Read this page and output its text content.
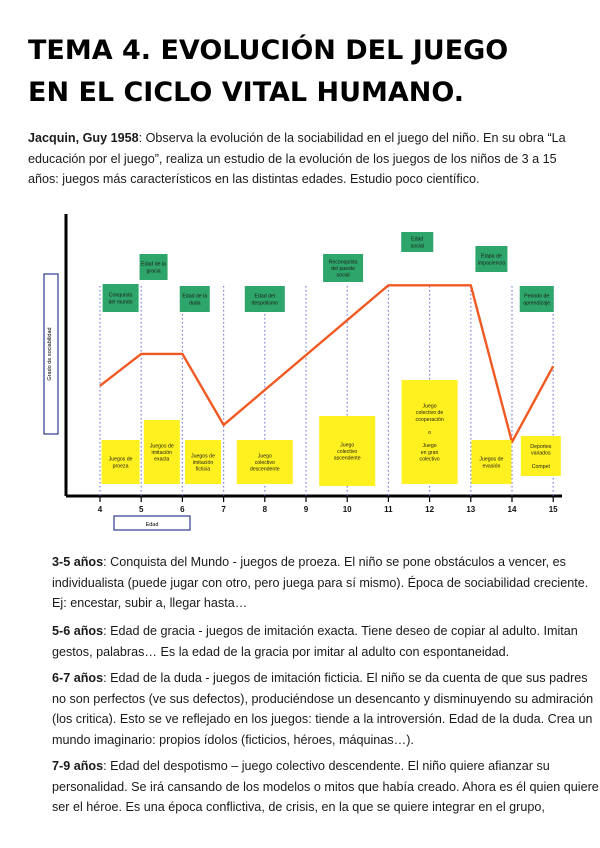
TEMA 4. EVOLUCIÓN DEL JUEGO
EN EL CICLO VITAL HUMANO.

Jacquin, Guy 1958: Observa la evolución de la sociabilidad en el juego del niño. En su obra “La educación por el juego”, realiza un estudio de la evolución de los juegos de los niños de 3 a 15 años: juegos más característicos en las distintas edades. Estudio poco científico.

Grado de sociabilidad
Edad
4	5	6	7	8	9	10	11	12	13	14	15
Conquista
del mundo
Edad de la
gracia
Edad de la
duda
Edad del
despotismo
Reconquista
del puesto
social
Edad
social
Etapa de
impaciencia
Periodo de
aprendizaje
Juegos de
proeza
Juegos de
imitación
exacta
Juegos de
imitación
ficticia
Juego
colectivo
descendente
Juego
colectivo
ascendente
Juego
colectivo de
cooperación
o
Juego
en gran
colectivo	Juegos de
evasión
Deportes
variados
Compet

3-5 años: Conquista del Mundo - juegos de proeza. El niño se pone obstáculos a vencer, es individualista (puede jugar con otro, pero juega para sí mismo). Época de sociabilidad creciente. Ej: encestar, subir a, llegar hasta…

5-6 años: Edad de gracia - juegos de imitación exacta. Tiene deseo de copiar al adulto. Imitan gestos, palabras… Es la edad de la gracia por imitar al adulto con espontaneidad.

6-7 años: Edad de la duda - juegos de imitación ficticia. El niño se da cuenta de que sus padres no son perfectos (ve sus defectos), produciéndose un desencanto y disminuyendo su admiración (los critica). Esto se ve reflejado en los juegos: tiende a la introversión. Edad de la duda. Crea un mundo imaginario: propios ídolos (ficticios, héroes, máquinas…).

7-9 años: Edad del despotismo – juego colectivo descendente. El niño quiere afianzar su personalidad. Se irá cansando de los modelos o mitos que había creado. Ahora es él quien quiere ser el héroe. Es una época conflictiva, de crisis, en la que se quiere integrar en el grupo,
